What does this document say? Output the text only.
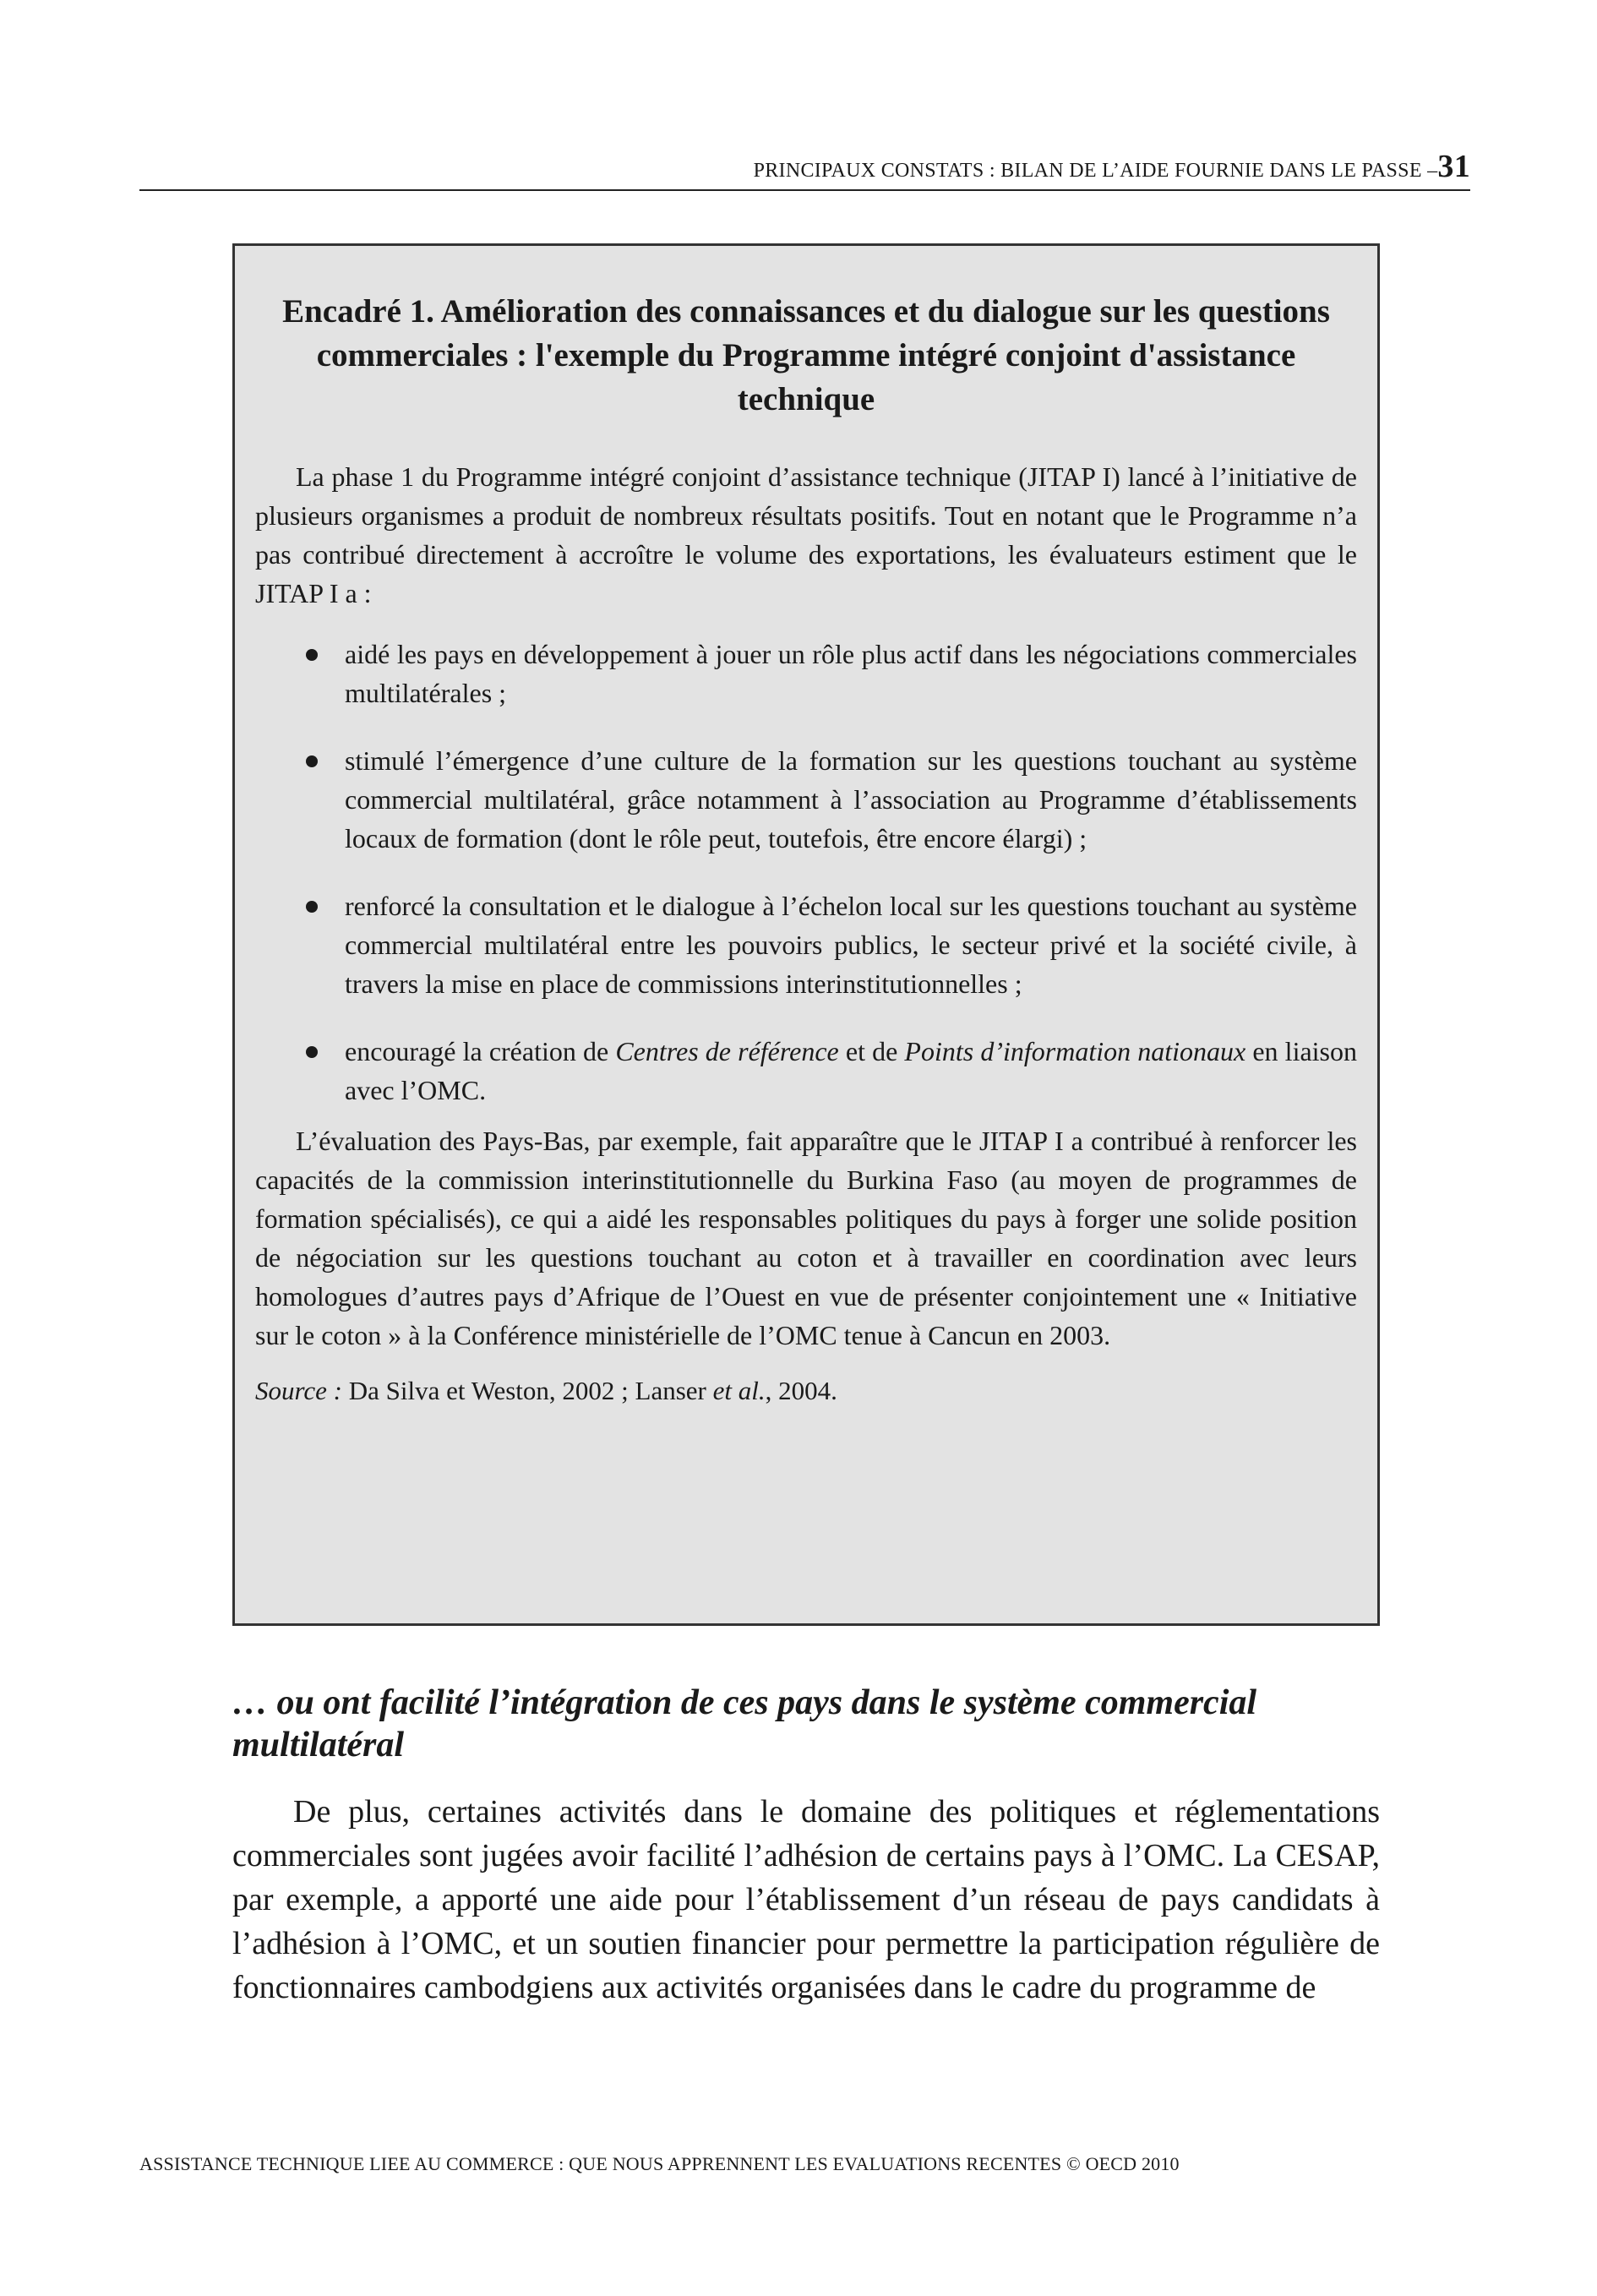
PRINCIPAUX CONSTATS : BILAN DE L’AIDE FOURNIE DANS LE PASSE –31
Encadré 1. Amélioration des connaissances et du dialogue sur les questions commerciales : l'exemple du Programme intégré conjoint d'assistance technique

La phase 1 du Programme intégré conjoint d’assistance technique (JITAP I) lancé à l’initiative de plusieurs organismes a produit de nombreux résultats positifs. Tout en notant que le Programme n’a pas contribué directement à accroître le volume des exportations, les évaluateurs estiment que le JITAP I a :

aidé les pays en développement à jouer un rôle plus actif dans les négociations commerciales multilatérales ;
stimulé l’émergence d’une culture de la formation sur les questions touchant au système commercial multilatéral, grâce notamment à l’association au Programme d’établissements locaux de formation (dont le rôle peut, toutefois, être encore élargi) ;
renforcé la consultation et le dialogue à l’échelon local sur les questions touchant au système commercial multilatéral entre les pouvoirs publics, le secteur privé et la société civile, à travers la mise en place de commissions interinstitutionnelles ;
encouragé la création de Centres de référence et de Points d’information nationaux en liaison avec l’OMC.

L’évaluation des Pays-Bas, par exemple, fait apparaître que le JITAP I a contribué à renforcer les capacités de la commission interinstitutionnelle du Burkina Faso (au moyen de programmes de formation spécialisés), ce qui a aidé les responsables politiques du pays à forger une solide position de négociation sur les questions touchant au coton et à travailler en coordination avec leurs homologues d’autres pays d’Afrique de l’Ouest en vue de présenter conjointement une « Initiative sur le coton » à la Conférence ministérielle de l’OMC tenue à Cancun en 2003.

Source : Da Silva et Weston, 2002 ; Lanser et al., 2004.
… ou ont facilité l’intégration de ces pays dans le système commercial multilatéral

De plus, certaines activités dans le domaine des politiques et réglementations commerciales sont jugées avoir facilité l’adhésion de certains pays à l’OMC. La CESAP, par exemple, a apporté une aide pour l’établissement d’un réseau de pays candidats à l’adhésion à l’OMC, et un soutien financier pour permettre la participation régulière de fonctionnaires cambodgiens aux activités organisées dans le cadre du programme de

ASSISTANCE TECHNIQUE LIEE AU COMMERCE : QUE NOUS APPRENNENT LES EVALUATIONS RECENTES © OECD 2010
